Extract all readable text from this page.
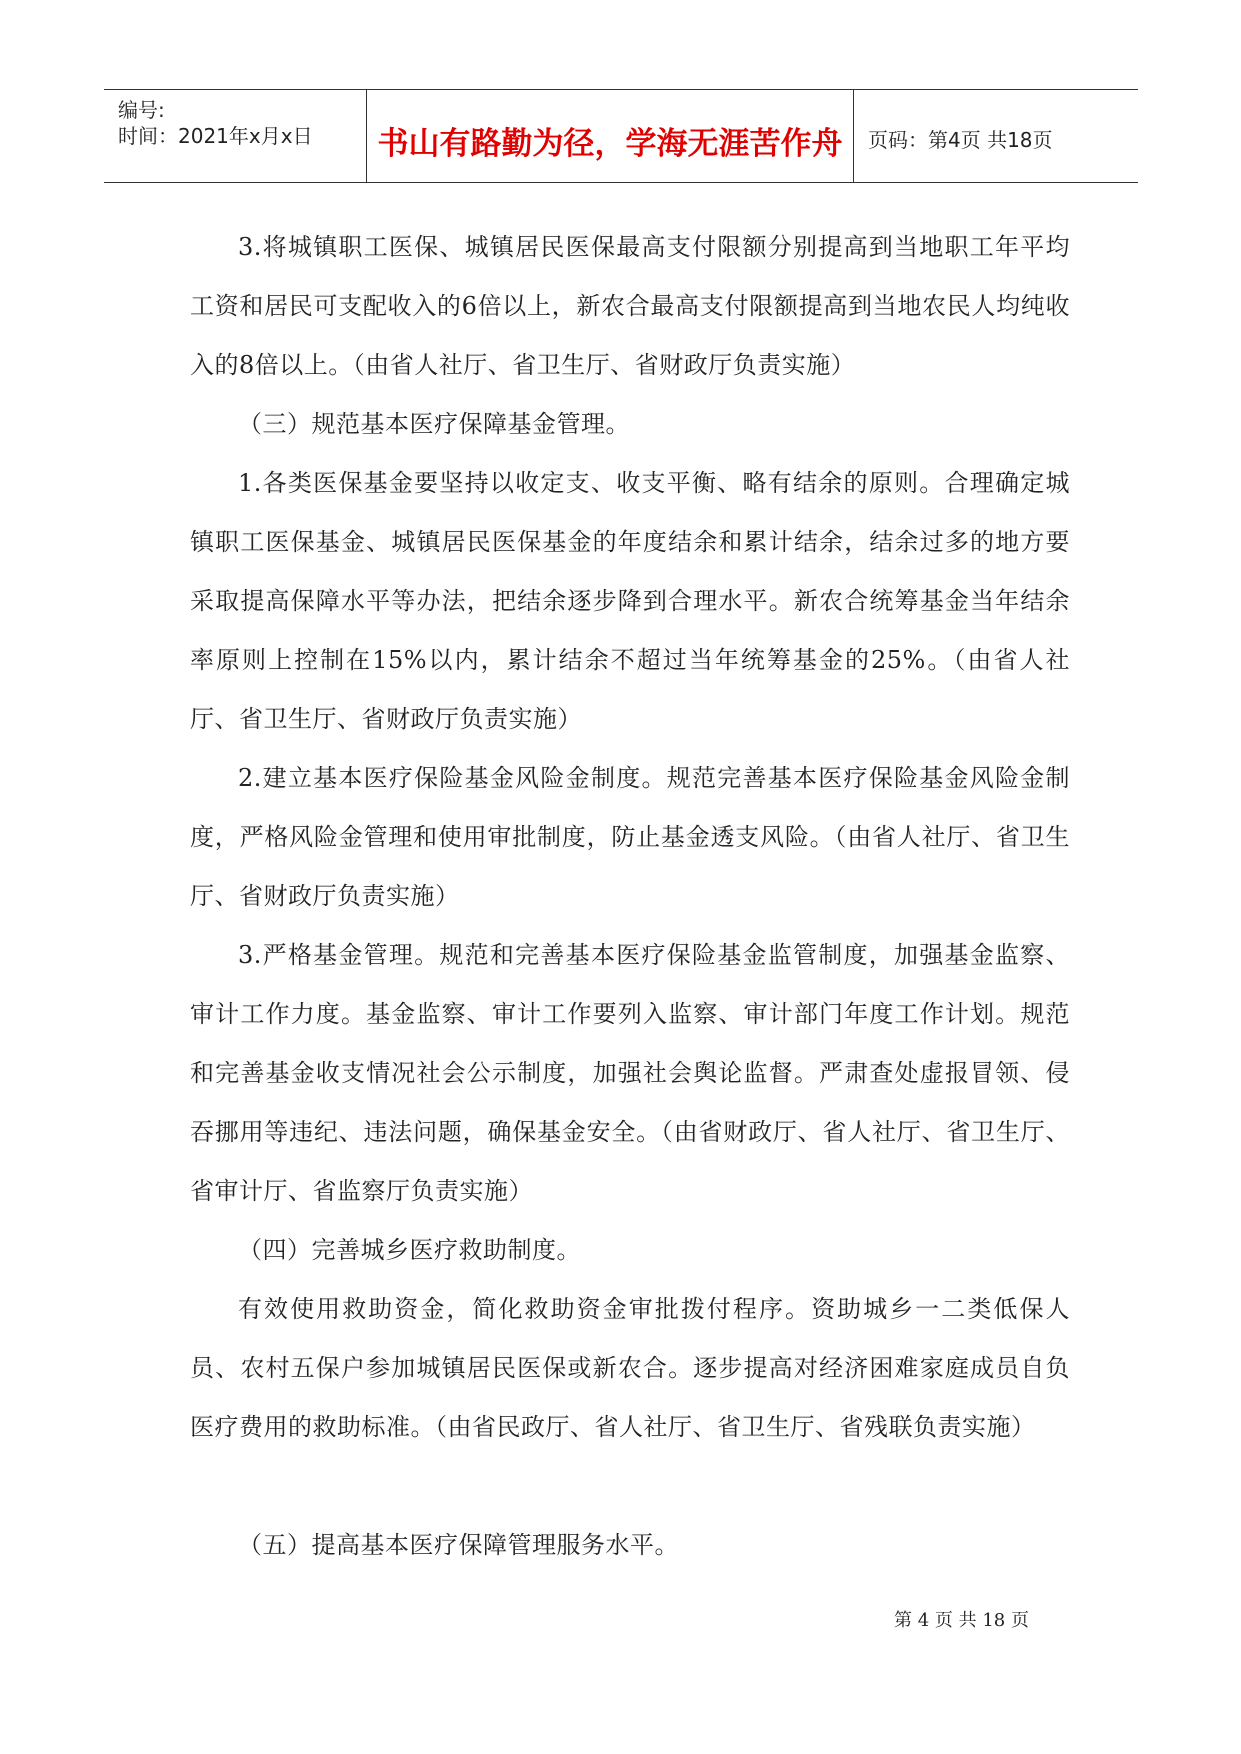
编号:
时间：2021年x月x日	书山有路勤为径，学海无涯苦作舟	页码：第4页 共18页

3.将城镇职工医保、城镇居民医保最高支付限额分别提高到当地职工年平均工资和居民可支配收入的6倍以上，新农合最高支付限额提高到当地农民人均纯收入的8倍以上。（由省人社厅、省卫生厅、省财政厅负责实施）

（三）规范基本医疗保障基金管理。

1.各类医保基金要坚持以收定支、收支平衡、略有结余的原则。合理确定城镇职工医保基金、城镇居民医保基金的年度结余和累计结余，结余过多的地方要采取提高保障水平等办法，把结余逐步降到合理水平。新农合统筹基金当年结余率原则上控制在15%以内，累计结余不超过当年统筹基金的25%。（由省人社厅、省卫生厅、省财政厅负责实施）

2.建立基本医疗保险基金风险金制度。规范完善基本医疗保险基金风险金制度，严格风险金管理和使用审批制度，防止基金透支风险。（由省人社厅、省卫生厅、省财政厅负责实施）

3.严格基金管理。规范和完善基本医疗保险基金监管制度，加强基金监察、审计工作力度。基金监察、审计工作要列入监察、审计部门年度工作计划。规范和完善基金收支情况社会公示制度，加强社会舆论监督。严肃查处虚报冒领、侵吞挪用等违纪、违法问题，确保基金安全。（由省财政厅、省人社厅、省卫生厅、省审计厅、省监察厅负责实施）

（四）完善城乡医疗救助制度。

有效使用救助资金，简化救助资金审批拨付程序。资助城乡一二类低保人员、农村五保户参加城镇居民医保或新农合。逐步提高对经济困难家庭成员自负医疗费用的救助标准。（由省民政厅、省人社厅、省卫生厅、省残联负责实施）

（五）提高基本医疗保障管理服务水平。

第 4 页 共 18 页
